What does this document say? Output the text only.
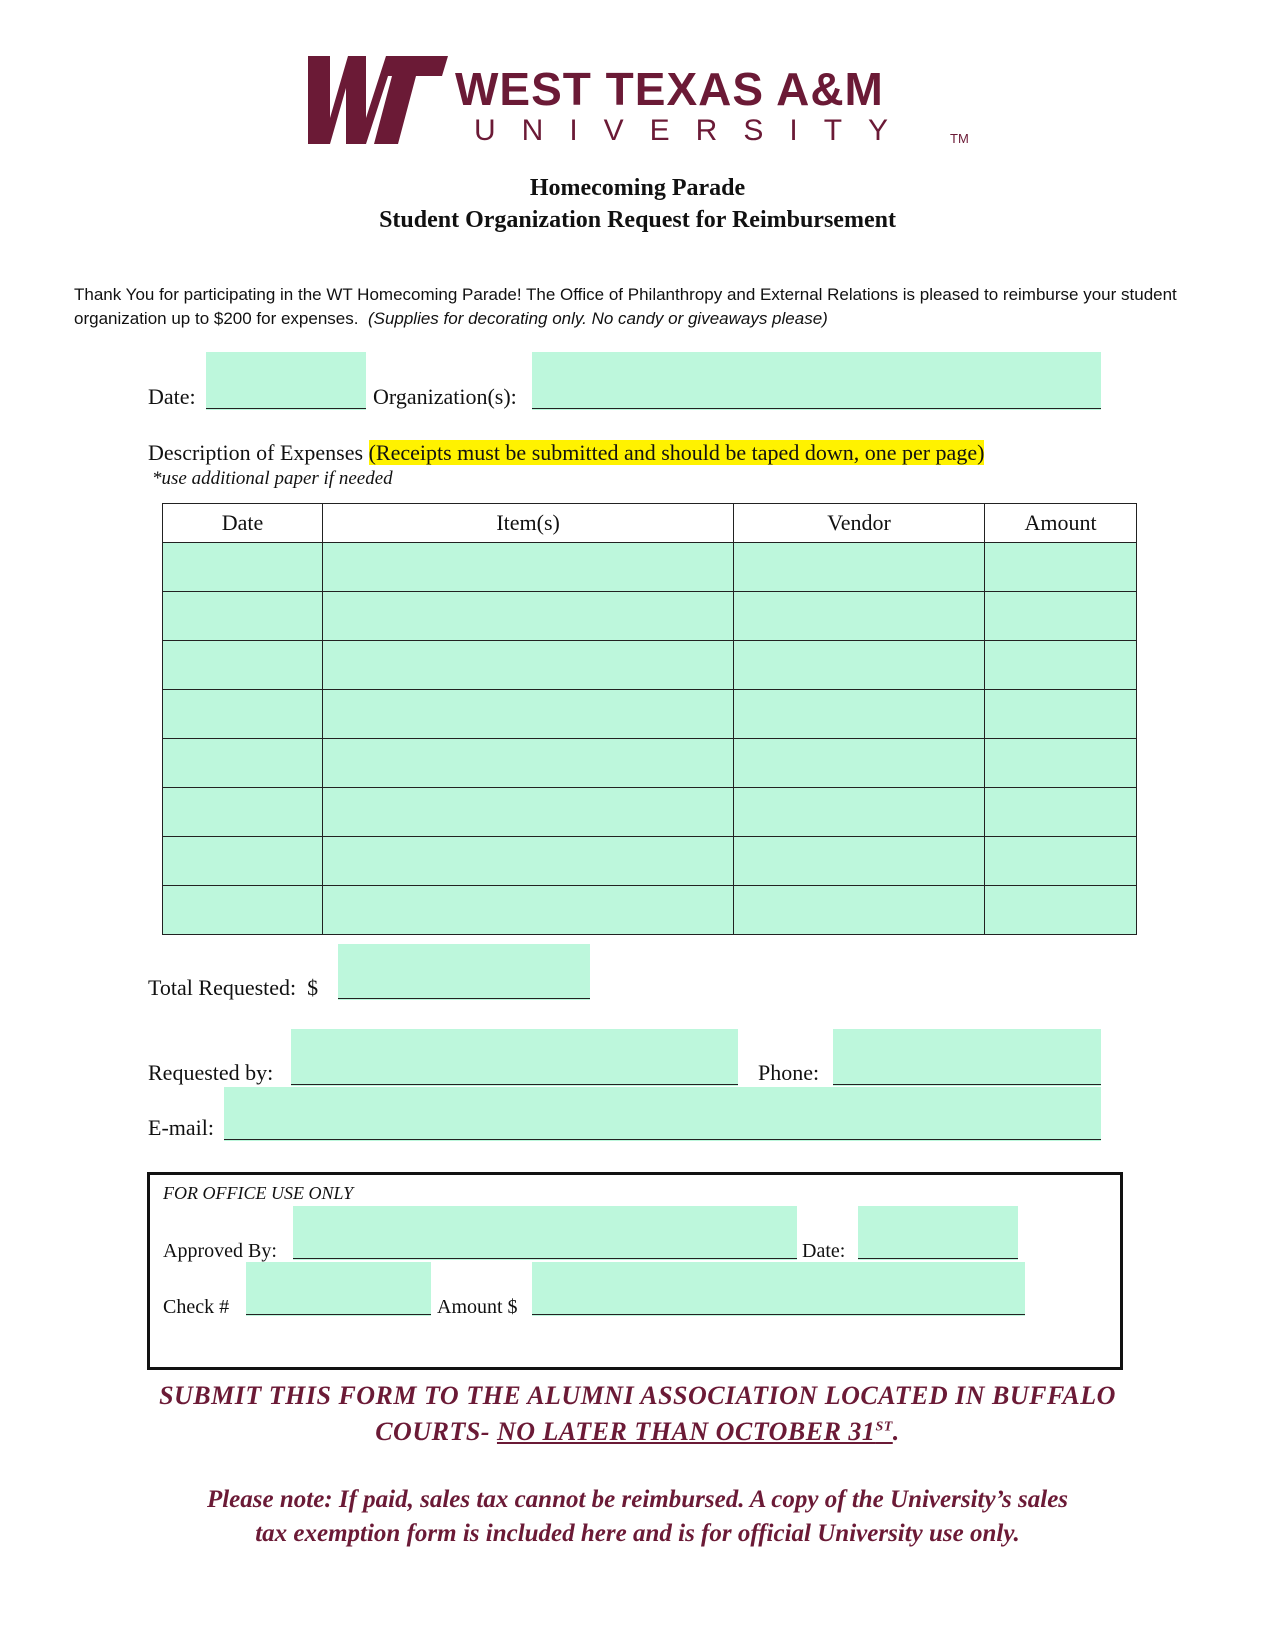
WEST TEXAS A&M
UNIVERSITY	TM
Homecoming Parade
Student Organization Request for Reimbursement
Thank You for participating in the WT Homecoming Parade! The Office of Philanthropy and External Relations is pleased to reimburse your student organization up to $200 for expenses. (Supplies for decorating only. No candy or giveaways please)
Date:	Organization(s):
Description of Expenses (Receipts must be submitted and should be taped down, one per page)
*use additional paper if needed
Date	Item(s)	Vendor	Amount

Total Requested: $
Requested by:	Phone:
E-mail:
FOR OFFICE USE ONLY
Approved By:	Date:
Check #	Amount $
SUBMIT THIS FORM TO THE ALUMNI ASSOCIATION LOCATED IN BUFFALO
COURTS- NO LATER THAN OCTOBER 31ST.
Please note: If paid, sales tax cannot be reimbursed. A copy of the University’s sales
tax exemption form is included here and is for official University use only.
